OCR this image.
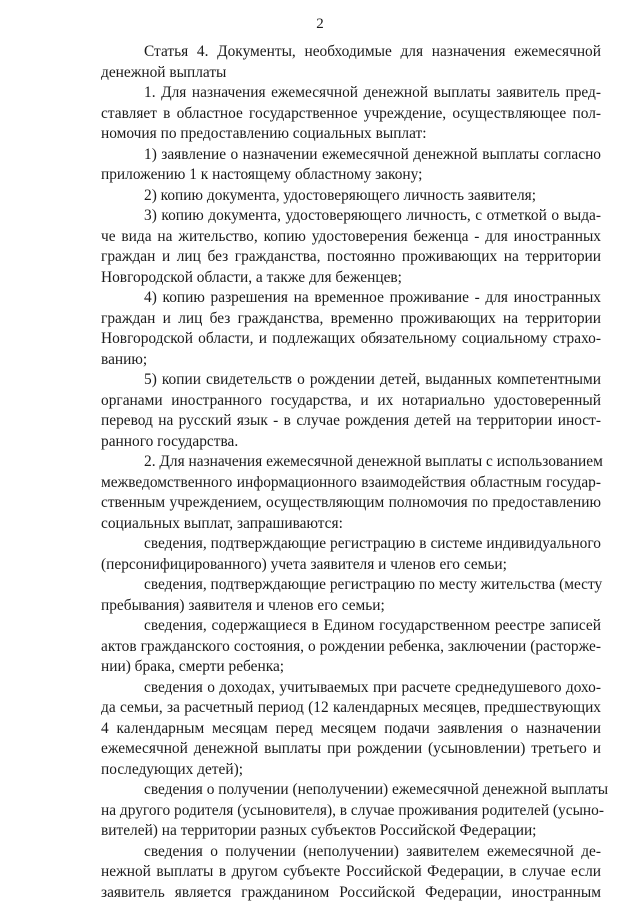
2
Статья 4. Документы, необходимые для назначения ежемесячной
денежной выплаты
1. Для назначения ежемесячной денежной выплаты заявитель пред-
ставляет в областное государственное учреждение, осуществляющее пол-
номочия по предоставлению социальных выплат:
1) заявление о назначении ежемесячной денежной выплаты согласно
приложению 1 к настоящему областному закону;
2) копию документа, удостоверяющего личность заявителя;
3) копию документа, удостоверяющего личность, с отметкой о выда-
че вида на жительство, копию удостоверения беженца - для иностранных
граждан и лиц без гражданства, постоянно проживающих на территории
Новгородской области, а также для беженцев;
4) копию разрешения на временное проживание - для иностранных
граждан и лиц без гражданства, временно проживающих на территории
Новгородской области, и подлежащих обязательному социальному страхо-
ванию;
5) копии свидетельств о рождении детей, выданных компетентными
органами иностранного государства, и их нотариально удостоверенный
перевод на русский язык - в случае рождения детей на территории иност-
ранного государства.
2. Для назначения ежемесячной денежной выплаты с использованием
межведомственного информационного взаимодействия областным государ-
ственным учреждением, осуществляющим полномочия по предоставлению
социальных выплат, запрашиваются:
сведения, подтверждающие регистрацию в системе индивидуального
(персонифицированного) учета заявителя и членов его семьи;
сведения, подтверждающие регистрацию по месту жительства (месту
пребывания) заявителя и членов его семьи;
сведения, содержащиеся в Едином государственном реестре записей
актов гражданского состояния, о рождении ребенка, заключении (расторже-
нии) брака, смерти ребенка;
сведения о доходах, учитываемых при расчете среднедушевого дохо-
да семьи, за расчетный период (12 календарных месяцев, предшествующих
4 календарным месяцам перед месяцем подачи заявления о назначении
ежемесячной денежной выплаты при рождении (усыновлении) третьего и
последующих детей);
сведения о получении (неполучении) ежемесячной денежной выплаты
на другого родителя (усыновителя), в случае проживания родителей (усыно-
вителей) на территории разных субъектов Российской Федерации;
сведения о получении (неполучении) заявителем ежемесячной де-
нежной выплаты в другом субъекте Российской Федерации, в случае если
заявитель является гражданином Российской Федерации, иностранным
